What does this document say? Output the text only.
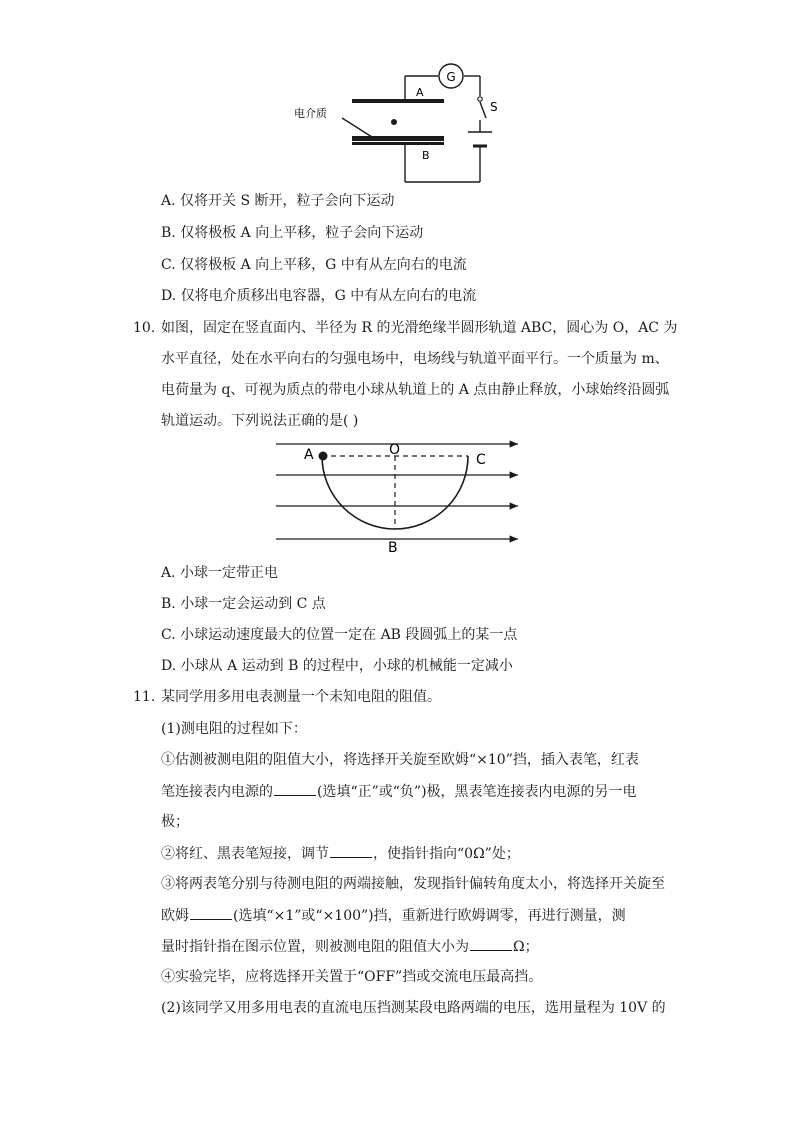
G
A
B
S
电介质
A. 仅将开关 S 断开，粒子会向下运动
B. 仅将极板 A 向上平移，粒子会向下运动
C. 仅将极板 A 向上平移，G 中有从左向右的电流
D. 仅将电介质移出电容器，G 中有从左向右的电流
10. 如图，固定在竖直面内、半径为 R 的光滑绝缘半圆形轨道 ABC，圆心为 O，AC 为
水平直径，处在水平向右的匀强电场中，电场线与轨道平面平行。一个质量为 m、
电荷量为 q、可视为质点的带电小球从轨道上的 A 点由静止释放，小球始终沿圆弧
轨道运动。下列说法正确的是( )
A	O
C
B
A. 小球一定带正电
B. 小球一定会运动到 C 点
C. 小球运动速度最大的位置一定在 AB 段圆弧上的某一点
D. 小球从 A 运动到 B 的过程中，小球的机械能一定减小
11. 某同学用多用电表测量一个未知电阻的阻值。
(1)测电阻的过程如下：
①估测被测电阻的阻值大小，将选择开关旋至欧姆“×10”挡，插入表笔，红表
笔连接表内电源的	(选填“正”或“负”)极，黑表笔连接表内电源的另一电
极；
②将红、黑表笔短接，调节	，使指针指向“0Ω”处；
③将两表笔分别与待测电阻的两端接触，发现指针偏转角度太小，将选择开关旋至
欧姆	(选填“×1”或“×100”)挡，重新进行欧姆调零，再进行测量，测
量时指针指在图示位置，则被测电阻的阻值大小为	Ω；
④实验完毕，应将选择开关置于“OFF”挡或交流电压最高挡。
(2)该同学又用多用电表的直流电压挡测某段电路两端的电压，选用量程为 10V 的
